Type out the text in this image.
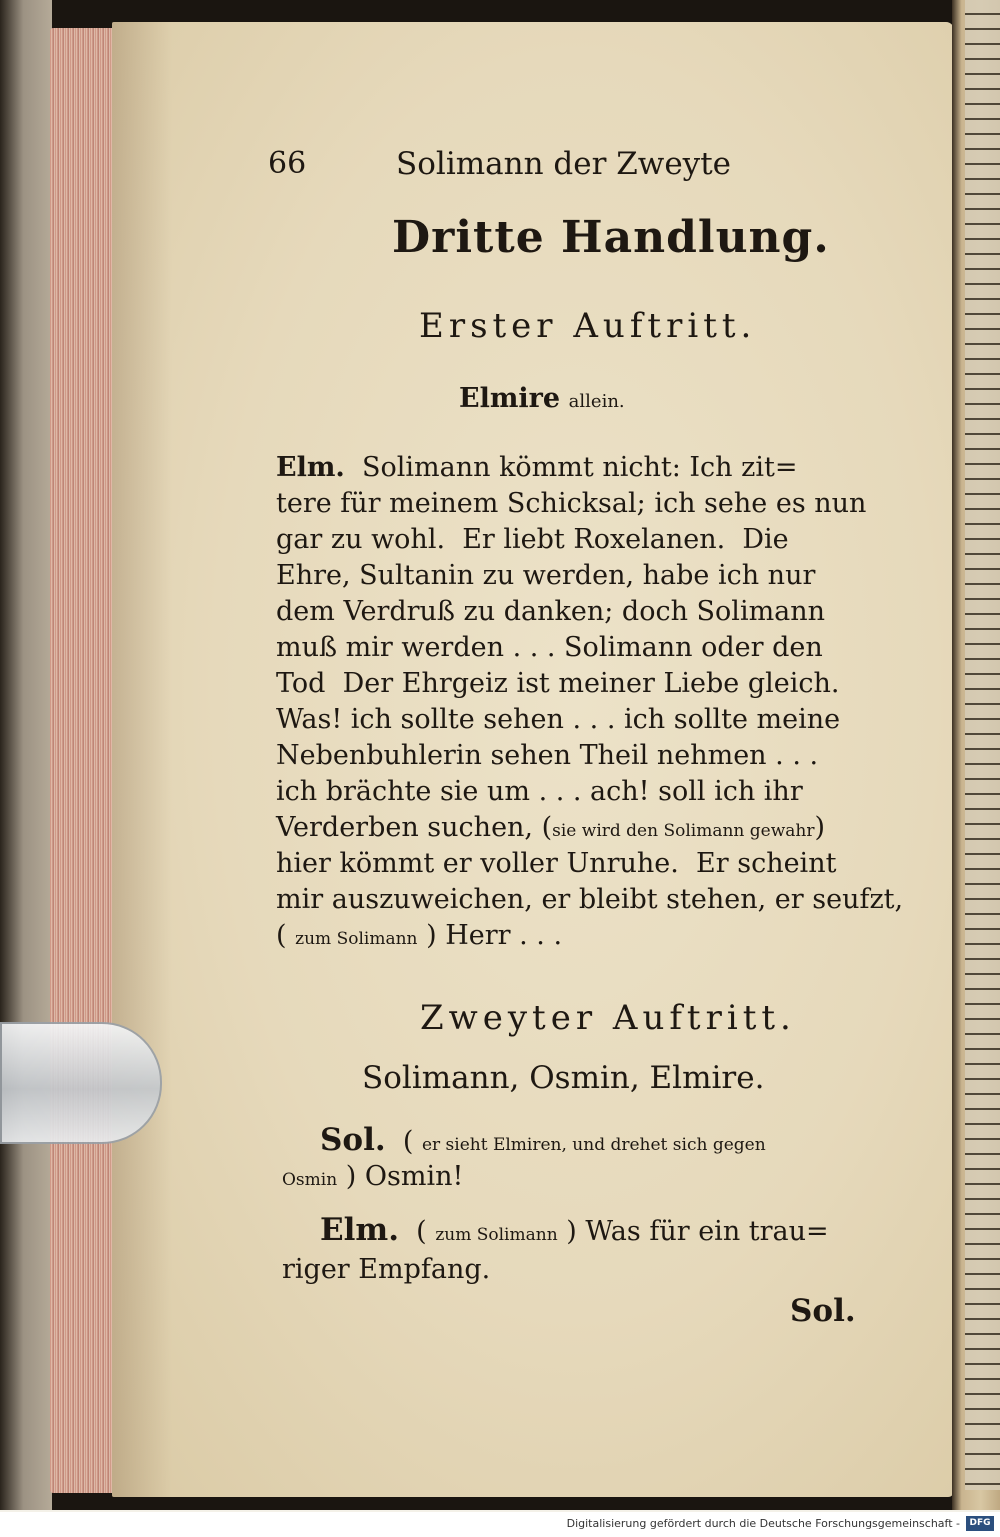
66	Solimann der Zweyte

Dritte Handlung.

Erster Auftritt.

Elmire allein.

Elm. Solimann kömmt nicht: Ich zit=

tere für meinem Schicksal; ich sehe es nun

gar zu wohl.  Er liebt Roxelanen.  Die

Ehre, Sultanin zu werden, habe ich nur

dem Verdruß zu danken; doch Solimann

muß mir werden . . . Solimann oder den

Tod  Der Ehrgeiz ist meiner Liebe gleich.

Was! ich sollte sehen . . . ich sollte meine

Nebenbuhlerin sehen Theil nehmen . . .

ich brächte sie um . . . ach! soll ich ihr

Verderben suchen, (sie wird den Solimann gewahr)

hier kömmt er voller Unruhe.  Er scheint

mir auszuweichen, er bleibt stehen, er seufzt,

( zum Solimann ) Herr . . .

Zweyter Auftritt.

Solimann, Osmin, Elmire.

Sol. ( er sieht Elmiren, und drehet sich gegen

Osmin ) Osmin!

Elm. ( zum Solimann ) Was für ein trau=

riger Empfang.

Sol.

Digitalisierung gefördert durch die Deutsche Forschungsgemeinschaft -	DFG
